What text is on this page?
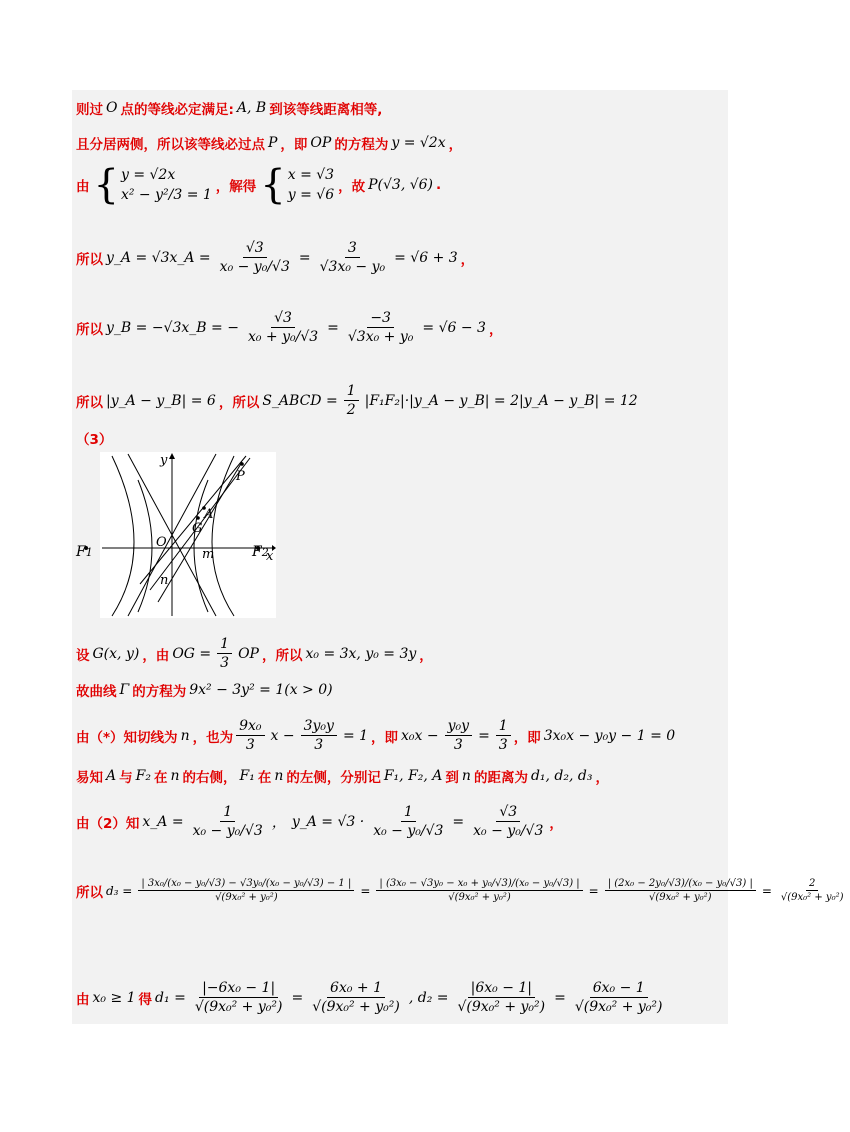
则过 O 点的等线必定满足: A, B 到该等线距离相等,
且分居两侧，所以该等线必过点 P ，即 OP 的方程为 y = √2x ，
由 { y = √2x
x² − y²/3 = 1 ，解得 { x = √3
y = √6 ，故 P(√3, √6) .
所以 y_A = √3x_A = $\frac{√3}{\text{x₀ − y₀/√3}} = \frac{3}{\text{√3x₀ − y₀}} = √6 + 3$ ，
所以 y_B = −√3x_B = − $\frac{√3}{\text{x₀ + y₀/√3}} = \frac{-3}{\text{√3x₀ + y₀}} = √6 - 3$ ，
所以 |y_A − y_B| = 6 ，所以 S_ABCD = $\frac{1}{2}$ |F₁F₂|·|y_A − y_B| = 2|y_A − y_B| = 12
（3）
y
x
P
A
G
O
m
n
F 1	F 2
设 G(x, y) ，由 OG = $\frac{1}{3}$ OP ，所以 x₀ = 3x, y₀ = 3y ，
故曲线 Γ 的方程为 9x² − 3y² = 1(x > 0)
由（*）知切线为 n ，也为 $\frac{\text{9x₀}}{3}$ $x - \frac{\text{3y₀y}}{3} = 1$ ，即 $x_0x - \frac{\text{y₀y}}{3} = \frac{1}{3}$ ，即 3x₀x − y₀y − 1 = 0
易知 A 与 F₂ 在 n 的右侧， F₁ 在 n 的左侧，分别记 F₁, F₂, A 到 n 的距离为 d₁, d₂, d₃ ，
由（2）知 x_A = $\frac{1}{\text{x₀ − y₀/√3}}$ ， y_A = $√3 \cdot \frac{1}{\text{x₀ − y₀/√3}} = \frac{√3}{\text{x₀ − y₀/√3}}$ ，
所以 $d_3 = \frac{\text{| 3x₀/(x₀ − y₀/√3) − √3y₀/(x₀ − y₀/√3) − 1 |}}{\text{√(9x₀² + y₀²)}} = \frac{\text{| (3x₀ − √3y₀ − x₀ + y₀/√3)/(x₀ − y₀/√3) |}}{\text{√(9x₀² + y₀²)}} = \frac{\text{| (2x₀ − 2y₀/√3)/(x₀ − y₀/√3) |}}{\text{√(9x₀² + y₀²)}} = \frac{2}{\text{√(9x₀² + y₀²)}}$
由 x₀ ≥ 1 得 $d_1 = \frac{\text{|−6x₀ − 1|}}{\text{√(9x₀² + y₀²)}} = \frac{\text{6x₀ + 1}}{\text{√(9x₀² + y₀²)}}$ , $d_2 = \frac{\text{|6x₀ − 1|}}{\text{√(9x₀² + y₀²)}} = \frac{\text{6x₀ − 1}}{\text{√(9x₀² + y₀²)}}$
